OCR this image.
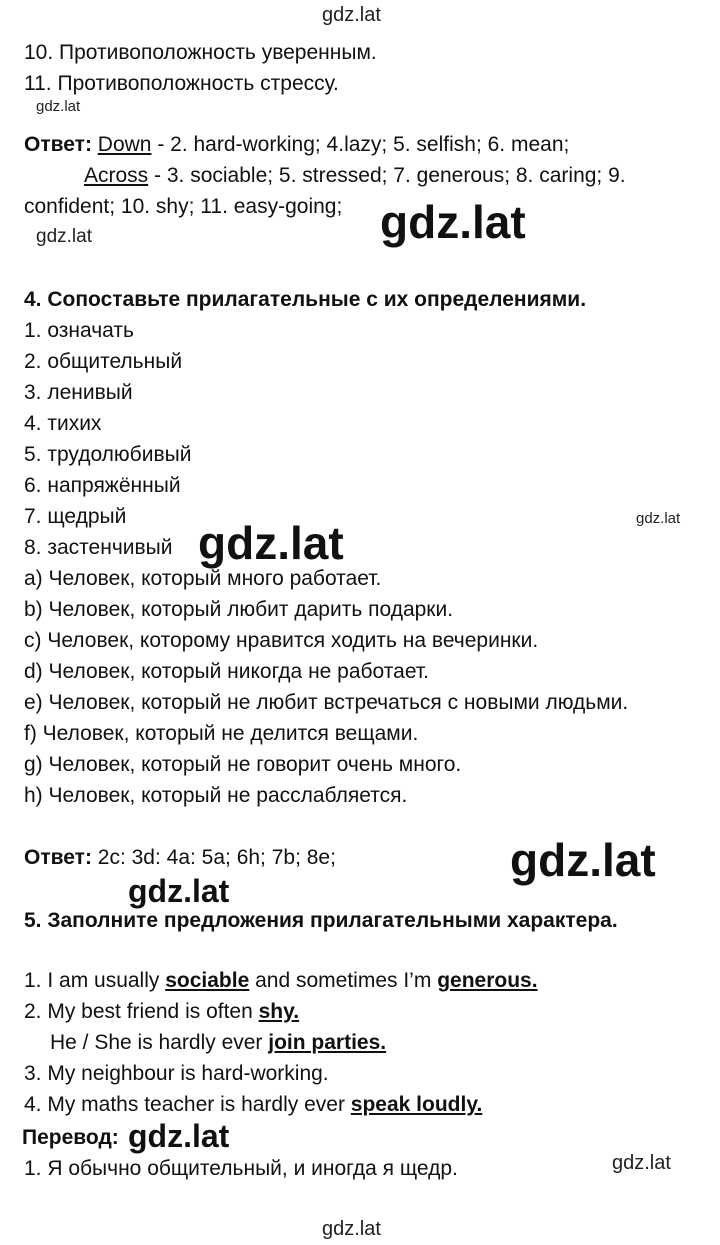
gdz.lat
10. Противоположность уверенным.
11. Противоположность стрессу.
gdz.lat
Ответ: Down - 2. hard-working; 4.lazy; 5. selfish; 6. mean;
Across - 3. sociable; 5. stressed; 7. generous; 8. caring; 9.
confident; 10. shy; 11. easy-going;
gdz.lat	gdz.lat
4. Сопоставьте прилагательные с их определениями.
1. означать
2. общительный
3. ленивый
4. тихих
5. трудолюбивый
6. напряжённый
7. щедрый	gdz.lat
8. застенчивый gdz.lat
a) Человек, который много работает.
b) Человек, который любит дарить подарки.
c) Человек, которому нравится ходить на вечеринки.
d) Человек, который никогда не работает.
e) Человек, который не любит встречаться с новыми людьми.
f) Человек, который не делится вещами.
g) Человек, который не говорит очень много.
h) Человек, который не расслабляется.
Ответ: 2c: 3d: 4a: 5a; 6h; 7b; 8e;	gdz.lat
gdz.lat
5. Заполните предложения прилагательными характера.
1. I am usually sociable and sometimes I’m generous.
2. My best friend is often shy.
He / She is hardly ever join parties.
3. My neighbour is hard-working.
4. My maths teacher is hardly ever speak loudly.
Перевод: gdz.lat
1. Я обычно общительный, и иногда я щедр.	gdz.lat
gdz.lat
